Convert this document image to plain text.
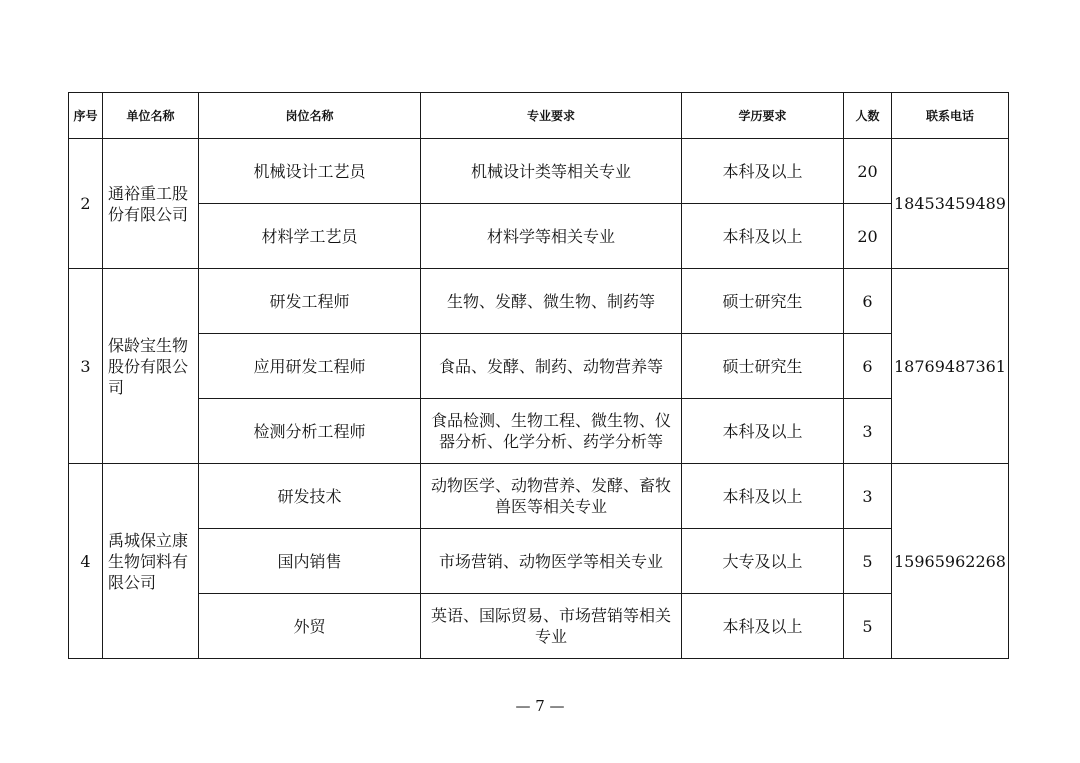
序号	单位名称	岗位名称	专业要求	学历要求	人数	联系电话
2	通裕重工股份有限公司	机械设计工艺员	机械设计类等相关专业	本科及以上	20	18453459489
		材料学工艺员	材料学等相关专业	本科及以上	20	
3	保龄宝生物股份有限公司	研发工程师	生物、发酵、微生物、制药等	硕士研究生	6	18769487361
		应用研发工程师	食品、发酵、制药、动物营养等	硕士研究生	6	
		检测分析工程师	食品检测、生物工程、微生物、仪器分析、化学分析、药学分析等	本科及以上	3	
4	禹城保立康生物饲料有限公司	研发技术	动物医学、动物营养、发酵、畜牧兽医等相关专业	本科及以上	3	15965962268
		国内销售	市场营销、动物医学等相关专业	大专及以上	5	
		外贸	英语、国际贸易、市场营销等相关专业	本科及以上	5	
— 7 —
